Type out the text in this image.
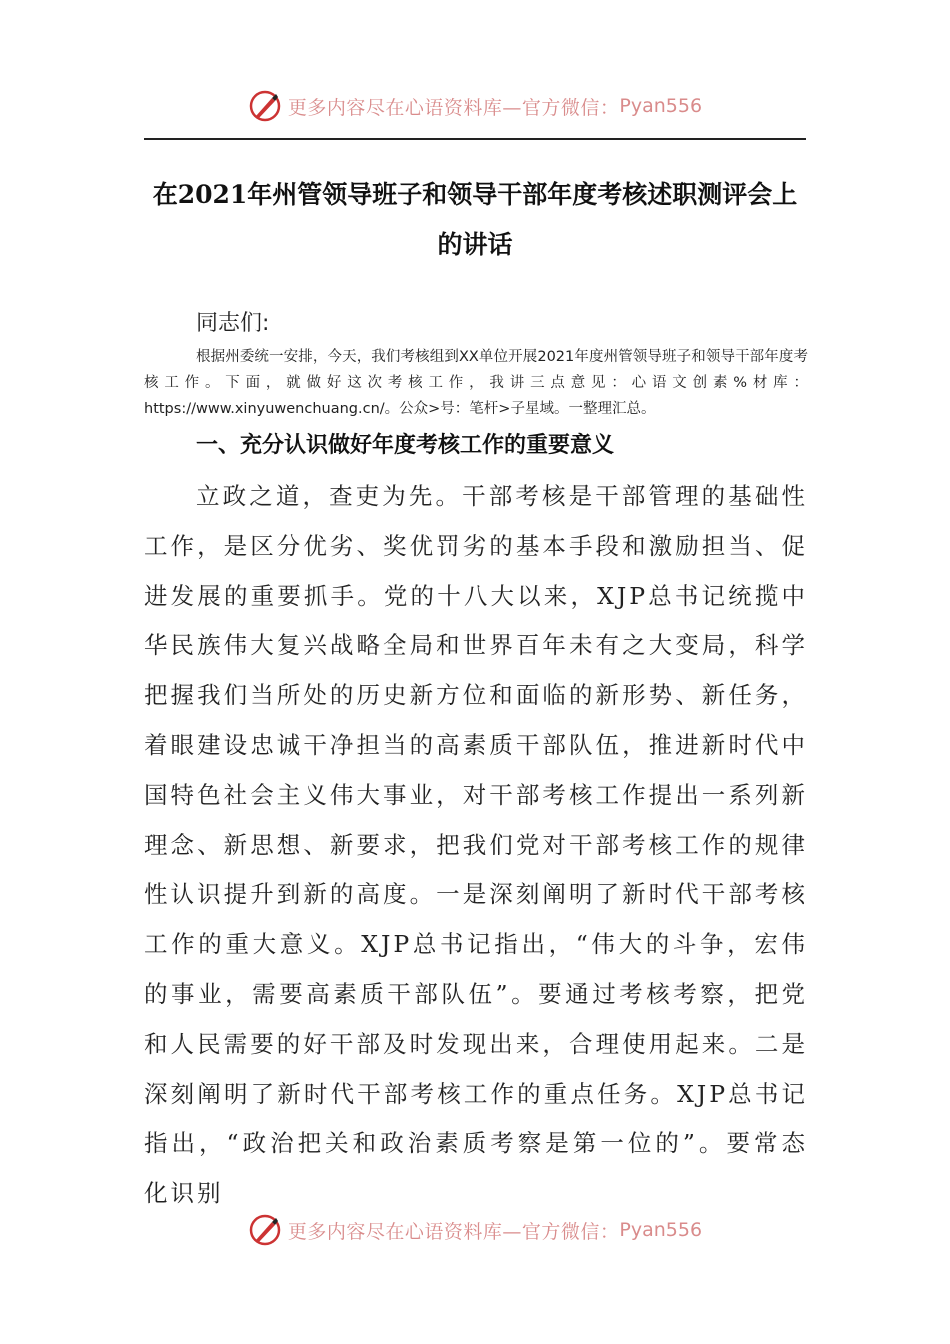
更多内容尽在心语资料库—官方微信： Pyan556
在2021年州管领导班子和领导干部年度考核述职测评会上的讲话
同志们:
根据州委统一安排，今天，我们考核组到XX单位开展2021年度州管领导班子和领导干部年度考核工作。下面，就做好这次考核工作，我讲三点意见：心语文创素%材库：https://www.xinyuwenchuang.cn/。公众>号：笔杆>子星域。一整理汇总。
一、充分认识做好年度考核工作的重要意义
立政之道，查吏为先。干部考核是干部管理的基础性工作，是区分优劣、奖优罚劣的基本手段和激励担当、促进发展的重要抓手。党的十八大以来，XJP总书记统揽中华民族伟大复兴战略全局和世界百年未有之大变局，科学把握我们当所处的历史新方位和面临的新形势、新任务，着眼建设忠诚干净担当的高素质干部队伍，推进新时代中国特色社会主义伟大事业，对干部考核工作提出一系列新理念、新思想、新要求，把我们党对干部考核工作的规律性认识提升到新的高度。一是深刻阐明了新时代干部考核工作的重大意义。XJP总书记指出，“伟大的斗争，宏伟的事业，需要高素质干部队伍”。要通过考核考察，把党和人民需要的好干部及时发现出来，合理使用起来。二是深刻阐明了新时代干部考核工作的重点任务。XJP总书记指出，“政治把关和政治素质考察是第一位的”。要常态化识别
更多内容尽在心语资料库—官方微信： Pyan556
